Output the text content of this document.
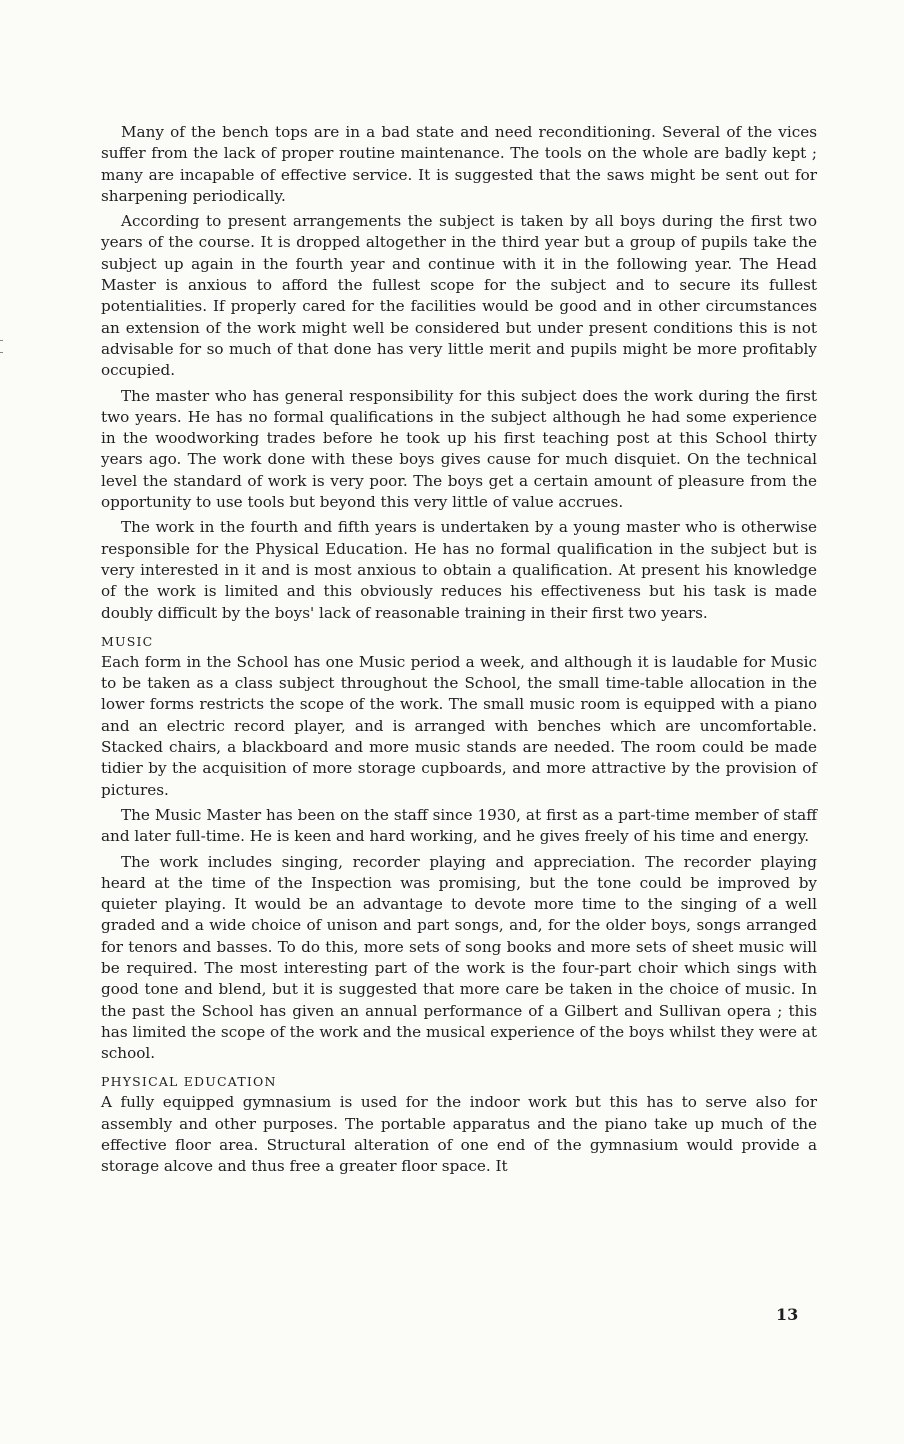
Many of the bench tops are in a bad state and need reconditioning. Several of the vices suffer from the lack of proper routine maintenance. The tools on the whole are badly kept ; many are incapable of effective service. It is suggested that the saws might be sent out for sharpening periodically.

According to present arrangements the subject is taken by all boys during the first two years of the course. It is dropped altogether in the third year but a group of pupils take the subject up again in the fourth year and continue with it in the following year. The Head Master is anxious to afford the fullest scope for the subject and to secure its fullest potentialities. If properly cared for the facilities would be good and in other circumstances an extension of the work might well be considered but under present conditions this is not advisable for so much of that done has very little merit and pupils might be more profitably occupied.

The master who has general responsibility for this subject does the work during the first two years. He has no formal qualifications in the subject although he had some experience in the woodworking trades before he took up his first teaching post at this School thirty years ago. The work done with these boys gives cause for much disquiet. On the technical level the standard of work is very poor. The boys get a certain amount of pleasure from the opportunity to use tools but beyond this very little of value accrues.

The work in the fourth and fifth years is undertaken by a young master who is otherwise responsible for the Physical Education. He has no formal qualification in the subject but is very interested in it and is most anxious to obtain a qualification. At present his knowledge of the work is limited and this obviously reduces his effectiveness but his task is made doubly difficult by the boys' lack of reasonable training in their first two years.

MUSIC

Each form in the School has one Music period a week, and although it is laudable for Music to be taken as a class subject throughout the School, the small time-table allocation in the lower forms restricts the scope of the work. The small music room is equipped with a piano and an electric record player, and is arranged with benches which are uncomfortable. Stacked chairs, a blackboard and more music stands are needed. The room could be made tidier by the acquisition of more storage cupboards, and more attractive by the provision of pictures.

The Music Master has been on the staff since 1930, at first as a part-time member of staff and later full-time. He is keen and hard working, and he gives freely of his time and energy.

The work includes singing, recorder playing and appreciation. The recorder playing heard at the time of the Inspection was promising, but the tone could be improved by quieter playing. It would be an advantage to devote more time to the singing of a well graded and a wide choice of unison and part songs, and, for the older boys, songs arranged for tenors and basses. To do this, more sets of song books and more sets of sheet music will be required. The most interesting part of the work is the four-part choir which sings with good tone and blend, but it is suggested that more care be taken in the choice of music. In the past the School has given an annual performance of a Gilbert and Sullivan opera ; this has limited the scope of the work and the musical experience of the boys whilst they were at school.

PHYSICAL EDUCATION

A fully equipped gymnasium is used for the indoor work but this has to serve also for assembly and other purposes. The portable apparatus and the piano take up much of the effective floor area. Structural alteration of one end of the gymnasium would provide a storage alcove and thus free a greater floor space. It

13
